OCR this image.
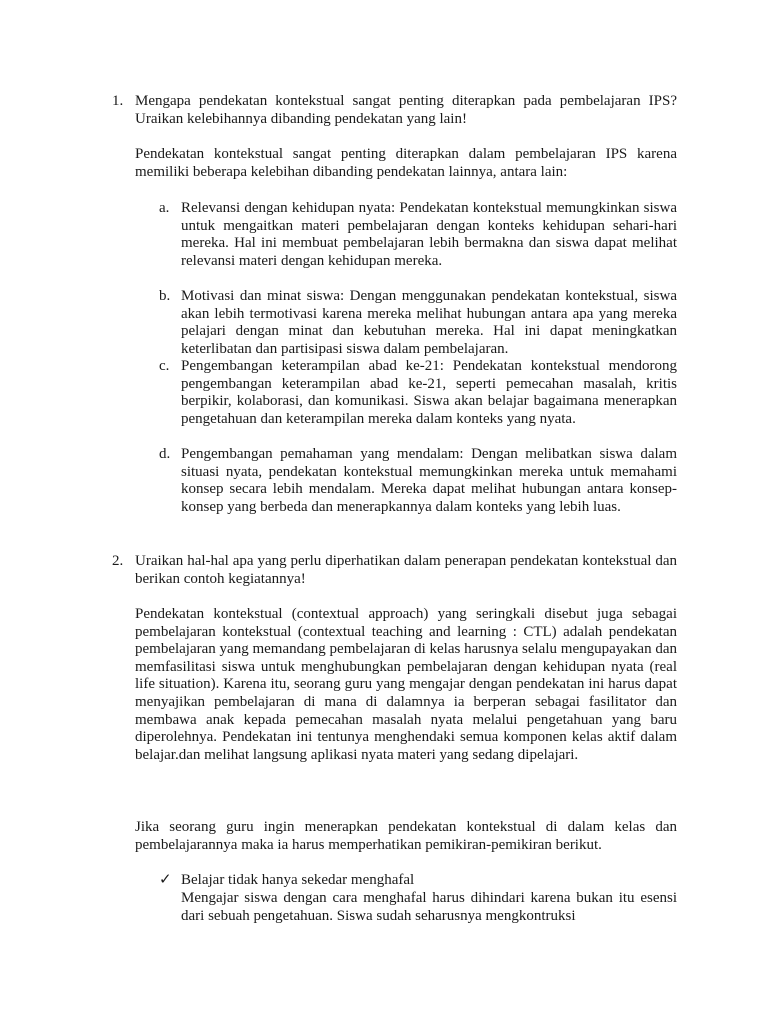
1. Mengapa pendekatan kontekstual sangat penting diterapkan pada pembelajaran IPS? Uraikan kelebihannya dibanding pendekatan yang lain!
Pendekatan kontekstual sangat penting diterapkan dalam pembelajaran IPS karena memiliki beberapa kelebihan dibanding pendekatan lainnya, antara lain:
a. Relevansi dengan kehidupan nyata: Pendekatan kontekstual memungkinkan siswa untuk mengaitkan materi pembelajaran dengan konteks kehidupan sehari-hari mereka. Hal ini membuat pembelajaran lebih bermakna dan siswa dapat melihat relevansi materi dengan kehidupan mereka.
b. Motivasi dan minat siswa: Dengan menggunakan pendekatan kontekstual, siswa akan lebih termotivasi karena mereka melihat hubungan antara apa yang mereka pelajari dengan minat dan kebutuhan mereka. Hal ini dapat meningkatkan keterlibatan dan partisipasi siswa dalam pembelajaran.
c. Pengembangan keterampilan abad ke-21: Pendekatan kontekstual mendorong pengembangan keterampilan abad ke-21, seperti pemecahan masalah, kritis berpikir, kolaborasi, dan komunikasi. Siswa akan belajar bagaimana menerapkan pengetahuan dan keterampilan mereka dalam konteks yang nyata.
d. Pengembangan pemahaman yang mendalam: Dengan melibatkan siswa dalam situasi nyata, pendekatan kontekstual memungkinkan mereka untuk memahami konsep secara lebih mendalam. Mereka dapat melihat hubungan antara konsep-konsep yang berbeda dan menerapkannya dalam konteks yang lebih luas.
2. Uraikan hal-hal apa yang perlu diperhatikan dalam penerapan pendekatan kontekstual dan berikan contoh kegiatannya!
Pendekatan kontekstual (contextual approach) yang seringkali disebut juga sebagai pembelajaran kontekstual (contextual teaching and learning : CTL) adalah pendekatan pembelajaran yang memandang pembelajaran di kelas harusnya selalu mengupayakan dan memfasilitasi siswa untuk menghubungkan pembelajaran dengan kehidupan nyata (real life situation). Karena itu, seorang guru yang mengajar dengan pendekatan ini harus dapat menyajikan pembelajaran di mana di dalamnya ia berperan sebagai fasilitator dan membawa anak kepada pemecahan masalah nyata melalui pengetahuan yang baru diperolehnya. Pendekatan ini tentunya menghendaki semua komponen kelas aktif dalam belajar.dan melihat langsung aplikasi nyata materi yang sedang dipelajari.
Jika seorang guru ingin menerapkan pendekatan kontekstual di dalam kelas dan pembelajarannya maka ia harus memperhatikan pemikiran-pemikiran berikut.
✓ Belajar tidak hanya sekedar menghafal
Mengajar siswa dengan cara menghafal harus dihindari karena bukan itu esensi dari sebuah pengetahuan. Siswa sudah seharusnya mengkontruksi
